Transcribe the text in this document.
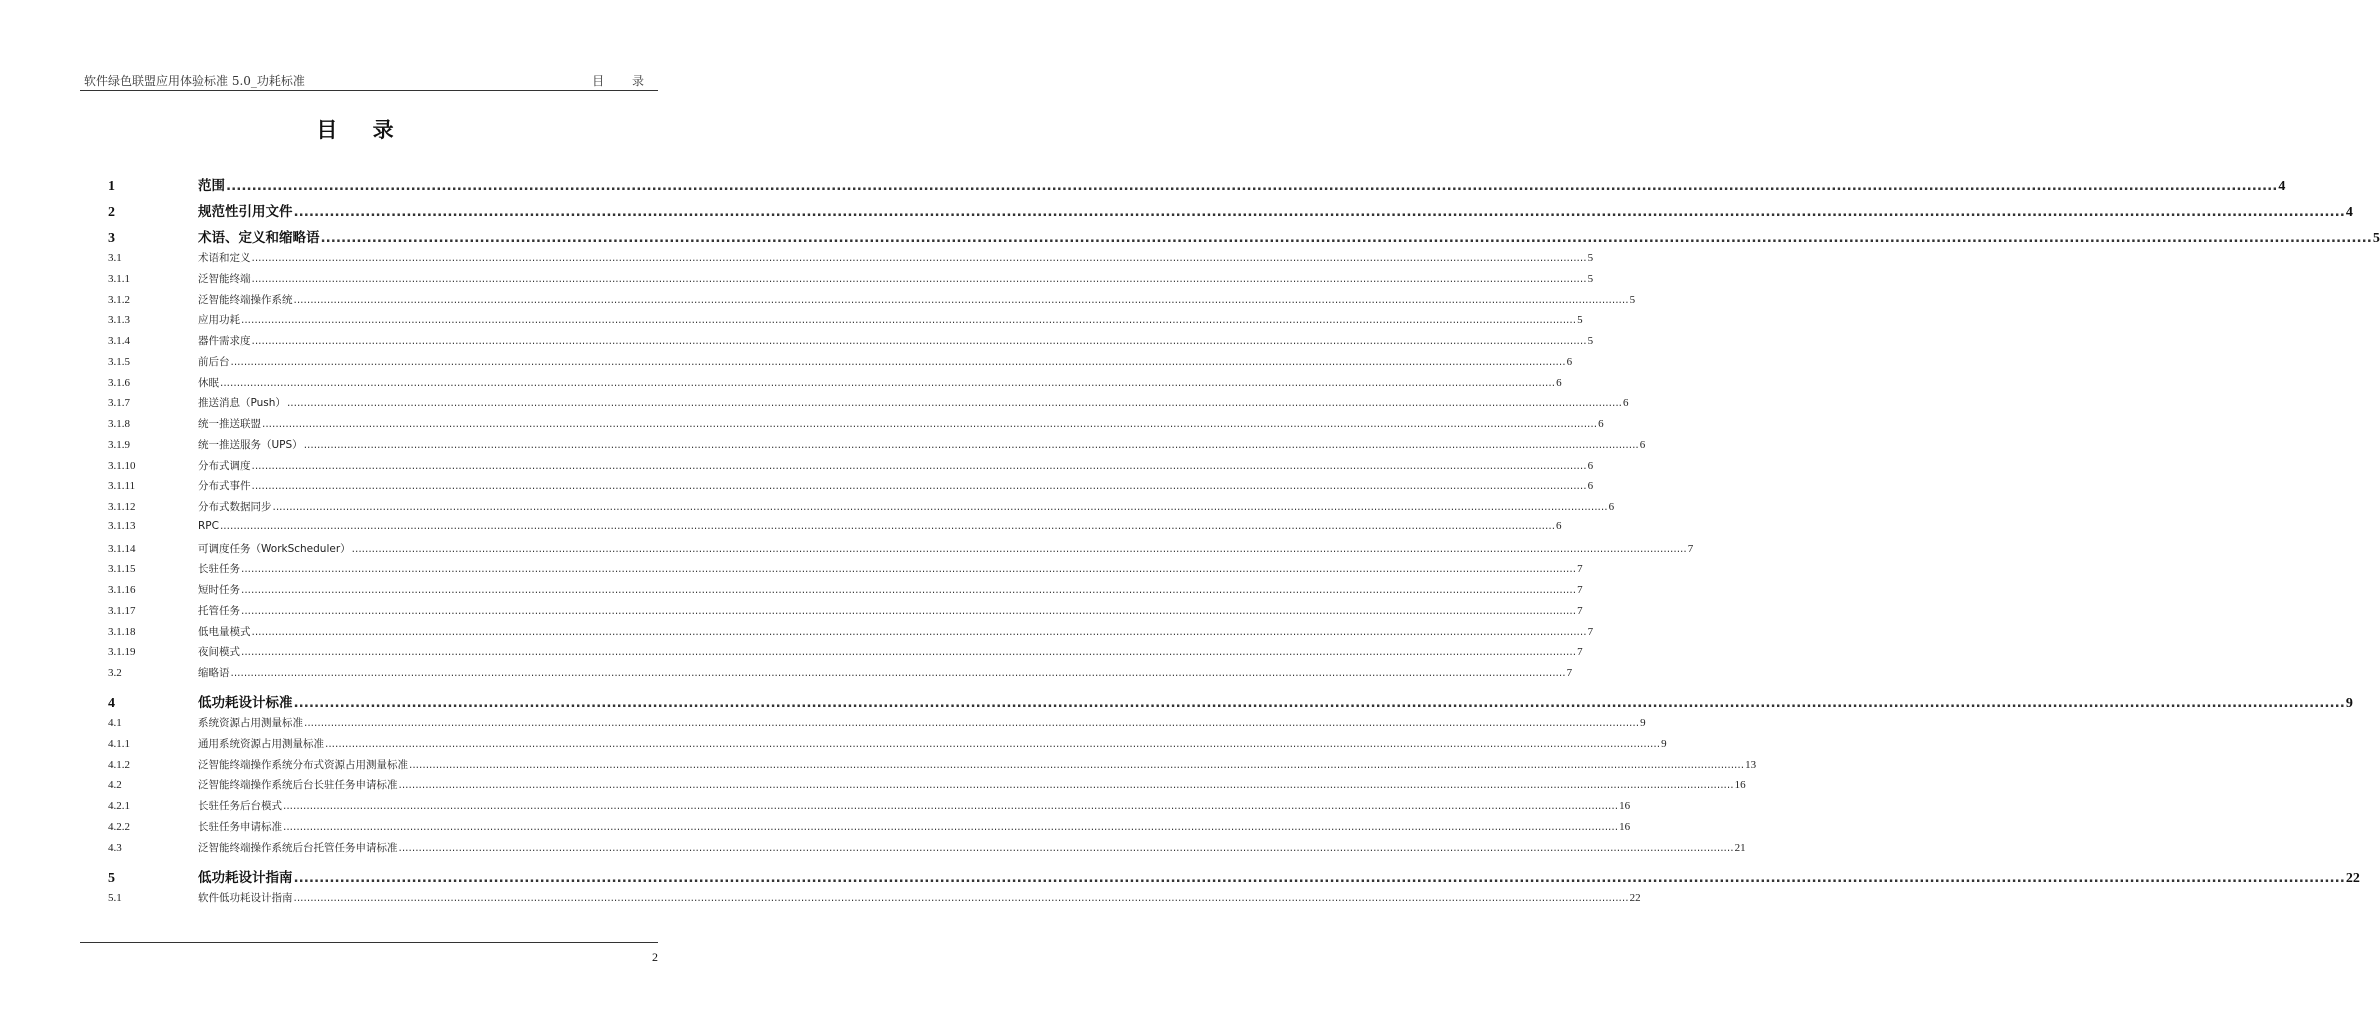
软件绿色联盟应用体验标准 5.0_功耗标准	目 录
目 录
1	范围 ................................................................................................................................................................................................................................................................................................................................................................................................................ 4
2	规范性引用文件 ................................................................................................................................................................................................................................................................................................................................................................................................................ 4
3	术语、定义和缩略语 ................................................................................................................................................................................................................................................................................................................................................................................................................ 5
3.1	术语和定义 ................................................................................................................................................................................................................................................................................................................................................................................................................ 5
3.1.1	泛智能终端 ................................................................................................................................................................................................................................................................................................................................................................................................................ 5
3.1.2	泛智能终端操作系统 ................................................................................................................................................................................................................................................................................................................................................................................................................ 5
3.1.3	应用功耗 ................................................................................................................................................................................................................................................................................................................................................................................................................ 5
3.1.4	器件需求度 ................................................................................................................................................................................................................................................................................................................................................................................................................ 5
3.1.5	前后台 ................................................................................................................................................................................................................................................................................................................................................................................................................ 6
3.1.6	休眠 ................................................................................................................................................................................................................................................................................................................................................................................................................ 6
3.1.7	推送消息（Push） ................................................................................................................................................................................................................................................................................................................................................................................................................ 6
3.1.8	统一推送联盟 ................................................................................................................................................................................................................................................................................................................................................................................................................ 6
3.1.9	统一推送服务（UPS） ................................................................................................................................................................................................................................................................................................................................................................................................................ 6
3.1.10	分布式调度 ................................................................................................................................................................................................................................................................................................................................................................................................................ 6
3.1.11	分布式事件 ................................................................................................................................................................................................................................................................................................................................................................................................................ 6
3.1.12	分布式数据同步 ................................................................................................................................................................................................................................................................................................................................................................................................................ 6
3.1.13	RPC ................................................................................................................................................................................................................................................................................................................................................................................................................ 6
3.1.14	可调度任务（WorkScheduler） ................................................................................................................................................................................................................................................................................................................................................................................................................ 7
3.1.15	长驻任务 ................................................................................................................................................................................................................................................................................................................................................................................................................ 7
3.1.16	短时任务 ................................................................................................................................................................................................................................................................................................................................................................................................................ 7
3.1.17	托管任务 ................................................................................................................................................................................................................................................................................................................................................................................................................ 7
3.1.18	低电量模式 ................................................................................................................................................................................................................................................................................................................................................................................................................ 7
3.1.19	夜间模式 ................................................................................................................................................................................................................................................................................................................................................................................................................ 7
3.2	缩略语 ................................................................................................................................................................................................................................................................................................................................................................................................................ 7
4	低功耗设计标准 ................................................................................................................................................................................................................................................................................................................................................................................................................ 9
4.1	系统资源占用测量标准 ................................................................................................................................................................................................................................................................................................................................................................................................................ 9
4.1.1	通用系统资源占用测量标准 ................................................................................................................................................................................................................................................................................................................................................................................................................ 9
4.1.2	泛智能终端操作系统分布式资源占用测量标准 ................................................................................................................................................................................................................................................................................................................................................................................................................ 13
4.2	泛智能终端操作系统后台长驻任务申请标准 ................................................................................................................................................................................................................................................................................................................................................................................................................ 16
4.2.1	长驻任务后台模式 ................................................................................................................................................................................................................................................................................................................................................................................................................ 16
4.2.2	长驻任务申请标准 ................................................................................................................................................................................................................................................................................................................................................................................................................ 16
4.3	泛智能终端操作系统后台托管任务申请标准 ................................................................................................................................................................................................................................................................................................................................................................................................................ 21
5	低功耗设计指南 ................................................................................................................................................................................................................................................................................................................................................................................................................ 22
5.1	软件低功耗设计指南 ................................................................................................................................................................................................................................................................................................................................................................................................................ 22
2
